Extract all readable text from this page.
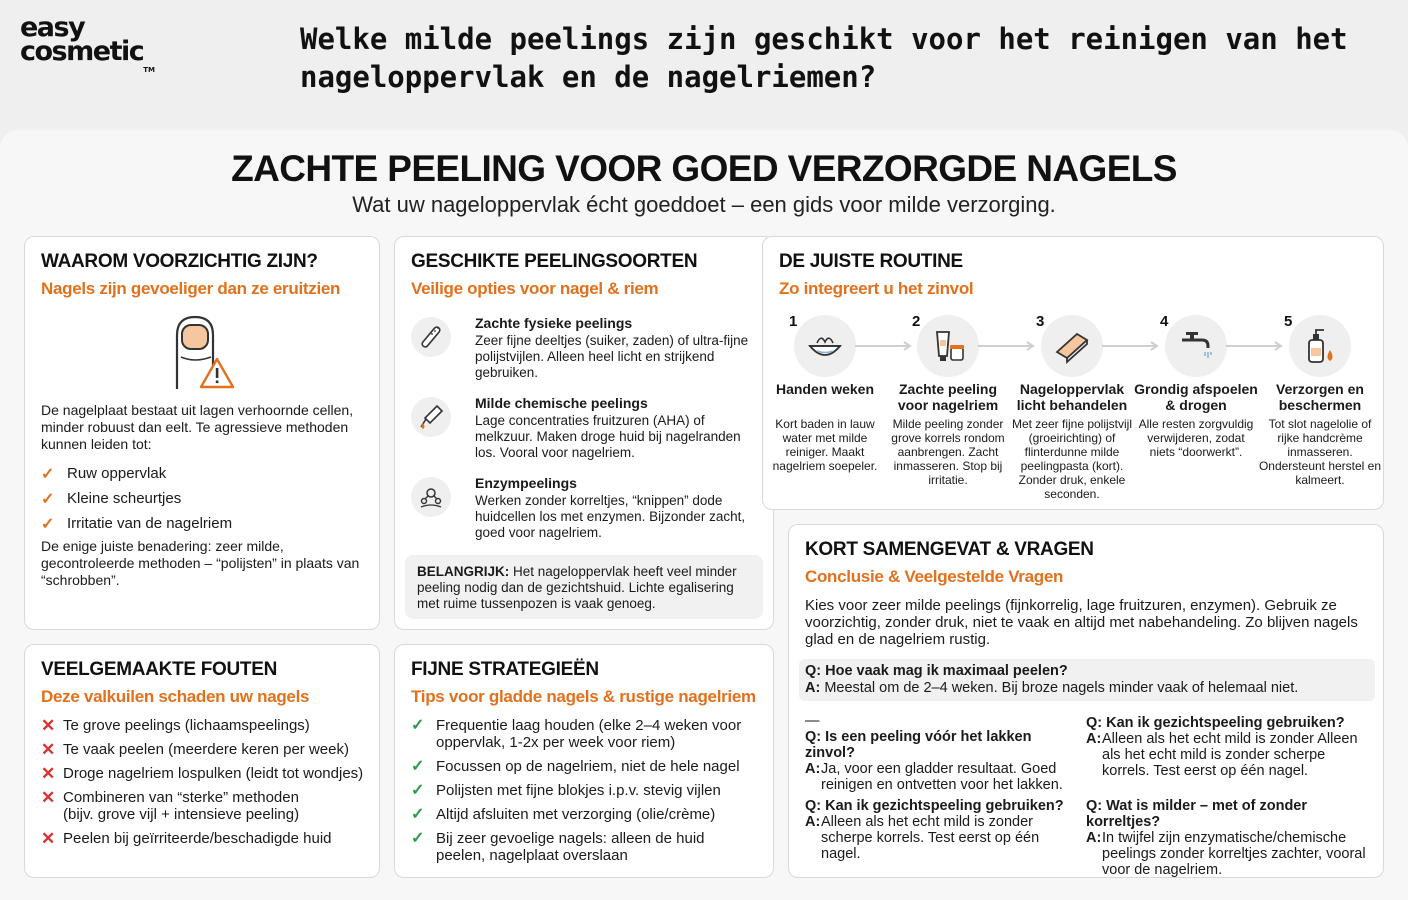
easy
cosmetic™
Welke milde peelings zijn geschikt voor het reinigen van het nageloppervlak en de nagelriemen?
ZACHTE PEELING VOOR GOED VERZORGDE NAGELS
Wat uw nageloppervlak écht goeddoet – een gids voor milde verzorging.
WAAROM VOORZICHTIG ZIJN?
Nagels zijn gevoeliger dan ze eruitzien
De nagelplaat bestaat uit lagen verhoornde cellen, minder robuust dan eelt. Te agressieve methoden kunnen leiden tot:
✓ Ruw oppervlak
✓ Kleine scheurtjes
✓ Irritatie van de nagelriem
De enige juiste benadering: zeer milde, gecontroleerde methoden – “polijsten” in plaats van “schrobben”.
GESCHIKTE PEELINGSOORTEN
Veilige opties voor nagel & riem
Zachte fysieke peelings
Zeer fijne deeltjes (suiker, zaden) of ultra-fijne polijstvijlen. Alleen heel licht en strijkend gebruiken.
Milde chemische peelings
Lage concentraties fruitzuren (AHA) of melkzuur. Maken droge huid bij nagelranden los. Vooral voor nagelriem.
Enzympeelings
Werken zonder korreltjes, “knippen” dode huidcellen los met enzymen. Bijzonder zacht, goed voor nagelriem.
BELANGRIJK: Het nageloppervlak heeft veel minder peeling nodig dan de gezichtshuid. Lichte egalisering met ruime tussenpozen is vaak genoeg.
DE JUISTE ROUTINE
Zo integreert u het zinvol
1
Handen weken
Kort baden in lauw water met milde reiniger. Maakt nagelriem soepeler.
2
Zachte peeling voor nagelriem
Milde peeling zonder grove korrels rondom aanbrengen. Zacht inmasseren. Stop bij irritatie.
3
Nageloppervlak licht behandelen
Met zeer fijne polijstvijl (groeirichting) of flinterdunne milde peelingpasta (kort). Zonder druk, enkele seconden.
4
Grondig afspoelen & drogen
Alle resten zorgvuldig verwijderen, zodat niets “doorwerkt”.
5
Verzorgen en beschermen
Tot slot nagelolie of rijke handcrème inmasseren. Ondersteunt herstel en kalmeert.
VEELGEMAAKTE FOUTEN
Deze valkuilen schaden uw nagels
✕ Te grove peelings (lichaamspeelings)
✕ Te vaak peelen (meerdere keren per week)
✕ Droge nagelriem lospulken (leidt tot wondjes)
✕ Combineren van “sterke” methoden (bijv. grove vijl + intensieve peeling)
✕ Peelen bij geïrriteerde/beschadigde huid
FIJNE STRATEGIEËN
Tips voor gladde nagels & rustige nagelriem
✓ Frequentie laag houden (elke 2–4 weken voor oppervlak, 1-2x per week voor riem)
✓ Focussen op de nagelriem, niet de hele nagel
✓ Polijsten met fijne blokjes i.p.v. stevig vijlen
✓ Altijd afsluiten met verzorging (olie/crème)
✓ Bij zeer gevoelige nagels: alleen de huid peelen, nagelplaat overslaan
KORT SAMENGEVAT & VRAGEN
Conclusie & Veelgestelde Vragen
Kies voor zeer milde peelings (fijnkorrelig, lage fruitzuren, enzymen). Gebruik ze voorzichtig, zonder druk, niet te vaak en altijd met nabehandeling. Zo blijven nagels glad en de nagelriem rustig.
Q: Hoe vaak mag ik maximaal peelen?
A: Meestal om de 2–4 weken. Bij broze nagels minder vaak of helemaal niet.
—
Q: Is een peeling vóór het lakken zinvol?
A: Ja, voor een gladder resultaat. Goed reinigen en ontvetten voor het lakken.
Q: Kan ik gezichtspeeling gebruiken?
A: Alleen als het echt mild is zonder Alleen als het echt mild is zonder scherpe korrels. Test eerst op één nagel.
Q: Kan ik gezichtspeeling gebruiken?
A: Alleen als het echt mild is zonder scherpe korrels. Test eerst op één nagel.
Q: Wat is milder – met of zonder korreltjes?
A: In twijfel zijn enzymatische/chemische peelings zonder korreltjes zachter, vooral voor de nagelriem.
